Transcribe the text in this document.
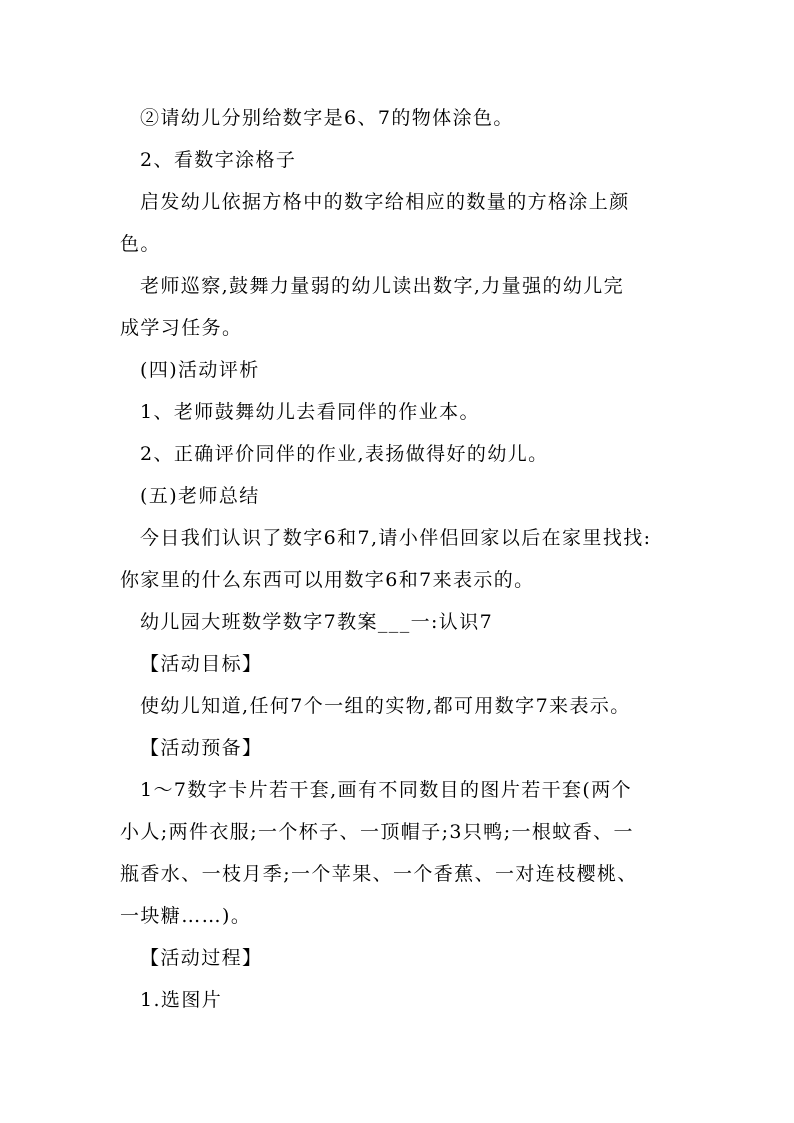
②请幼儿分别给数字是6、7的物体涂色。
2、看数字涂格子
启发幼儿依据方格中的数字给相应的数量的方格涂上颜
色。
老师巡察,鼓舞力量弱的幼儿读出数字,力量强的幼儿完
成学习任务。
(四)活动评析
1、老师鼓舞幼儿去看同伴的作业本。
2、正确评价同伴的作业,表扬做得好的幼儿。
(五)老师总结
今日我们认识了数字6和7,请小伴侣回家以后在家里找找:
你家里的什么东西可以用数字6和7来表示的。
幼儿园大班数学数字7教案___一:认识7
【活动目标】
使幼儿知道,任何7个一组的实物,都可用数字7来表示。
【活动预备】
1～7数字卡片若干套,画有不同数目的图片若干套(两个
小人;两件衣服;一个杯子、一顶帽子;3只鸭;一根蚊香、一
瓶香水、一枝月季;一个苹果、一个香蕉、一对连枝樱桃、
一块糖……)。
【活动过程】
1.选图片
